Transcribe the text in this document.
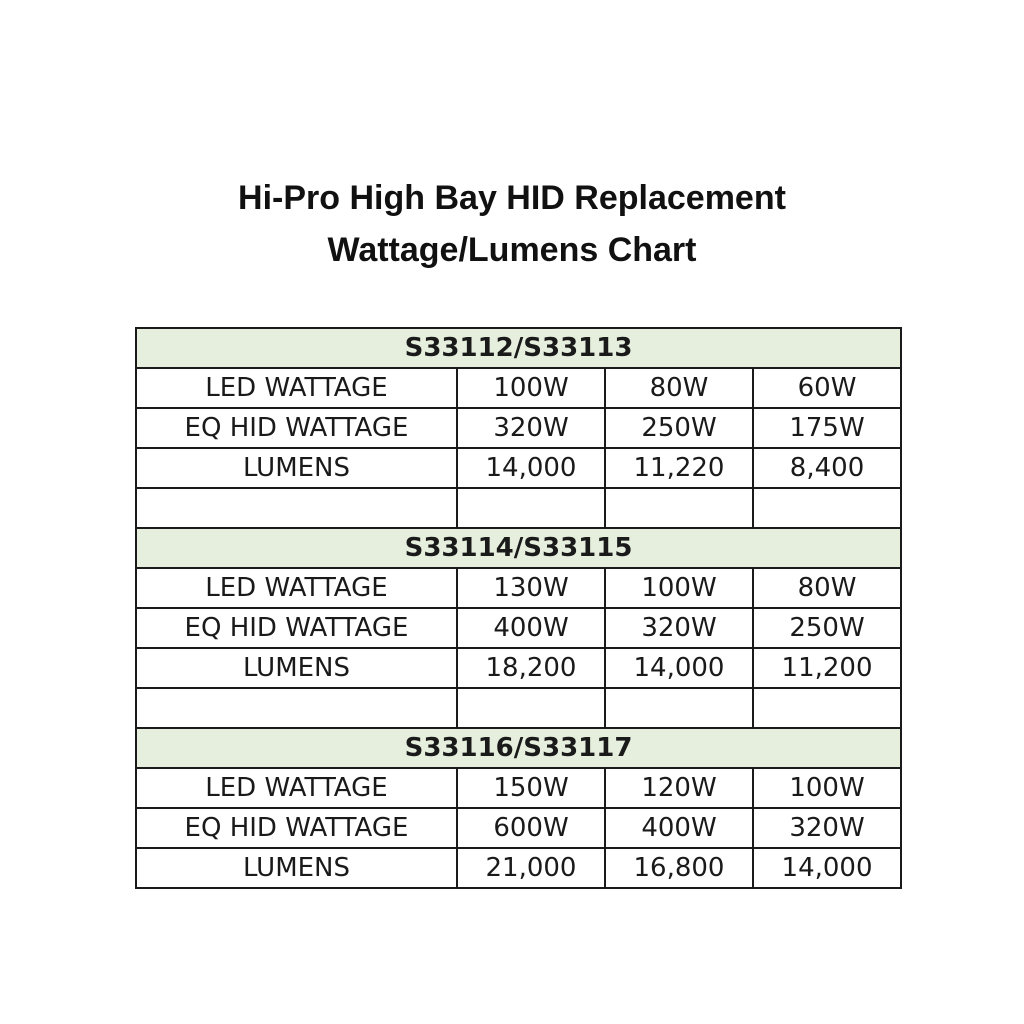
Hi-Pro High Bay HID Replacement
Wattage/Lumens Chart
S33112/S33113			
LED WATTAGE	100W	80W	60W
EQ HID WATTAGE	320W	250W	175W
LUMENS	14,000	11,220	8,400

S33114/S33115			
LED WATTAGE	130W	100W	80W
EQ HID WATTAGE	400W	320W	250W
LUMENS	18,200	14,000	11,200

S33116/S33117			
LED WATTAGE	150W	120W	100W
EQ HID WATTAGE	600W	400W	320W
LUMENS	21,000	16,800	14,000
